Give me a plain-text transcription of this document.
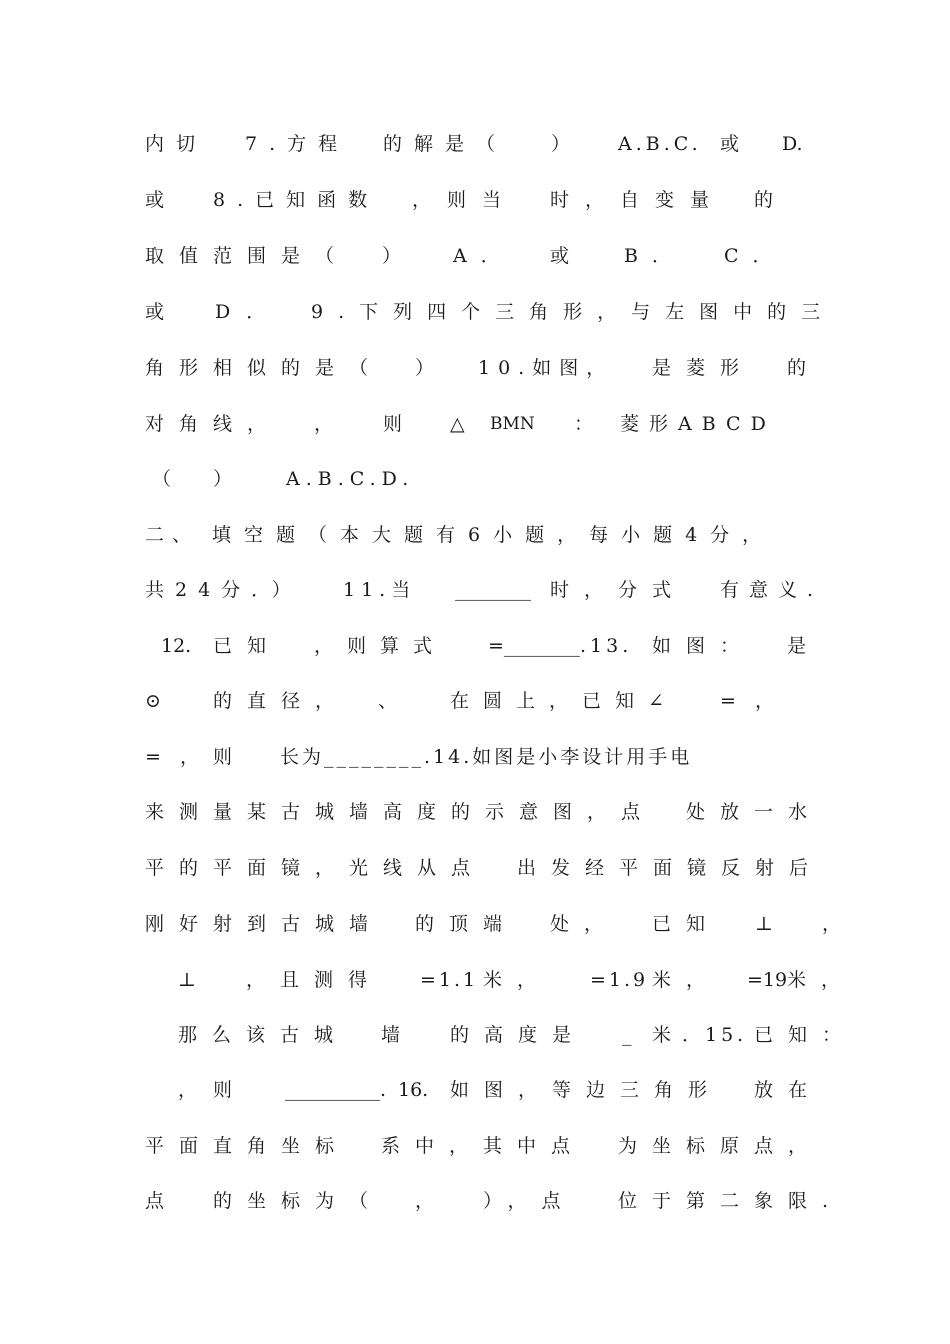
内切 7.方程 的解是（ ）	A.B.C. 或 D.
或	8.已知函数 ，则当 时，自变量 的
取值范围是（ ）	A． 或	B． C．
或	D． 9.下列四个三角形，与左图中的三
角形相似的是（ ） 10.如图， 是菱形 的
对角线， ，	则	△ BMN ： 菱形ABCD
（ ）	A.B.C.D.
二、 填空题（本大题有6小题，每小题4分，
共24分．） 11.当 ________ 时，分式 有意义.
12. 已知 ，则算式 =________ .13. 如图： 是
⊙	的直径， 、	在圆上，已知∠ = ，
= ， 则	长为________.14.如图是小李设计用手电
来测量某古城墙高度的示意图，点 处放一水
平的平面镜，光线从点 出发经平面镜反射后
刚好射到古城墙 的顶端 处， 已知 ⊥	，
⊥	，且测得 =1.1 米， =1.9 米， =19 米，
那么该古城 墙	的高度是 _ 米 ．15. 已知：
， 则	__________. 16. 如图，等边三角形 放在
平面直角坐标 系中，其中点 为坐标原点，
点	的坐标为（ ，	），点 位于第二象限.
